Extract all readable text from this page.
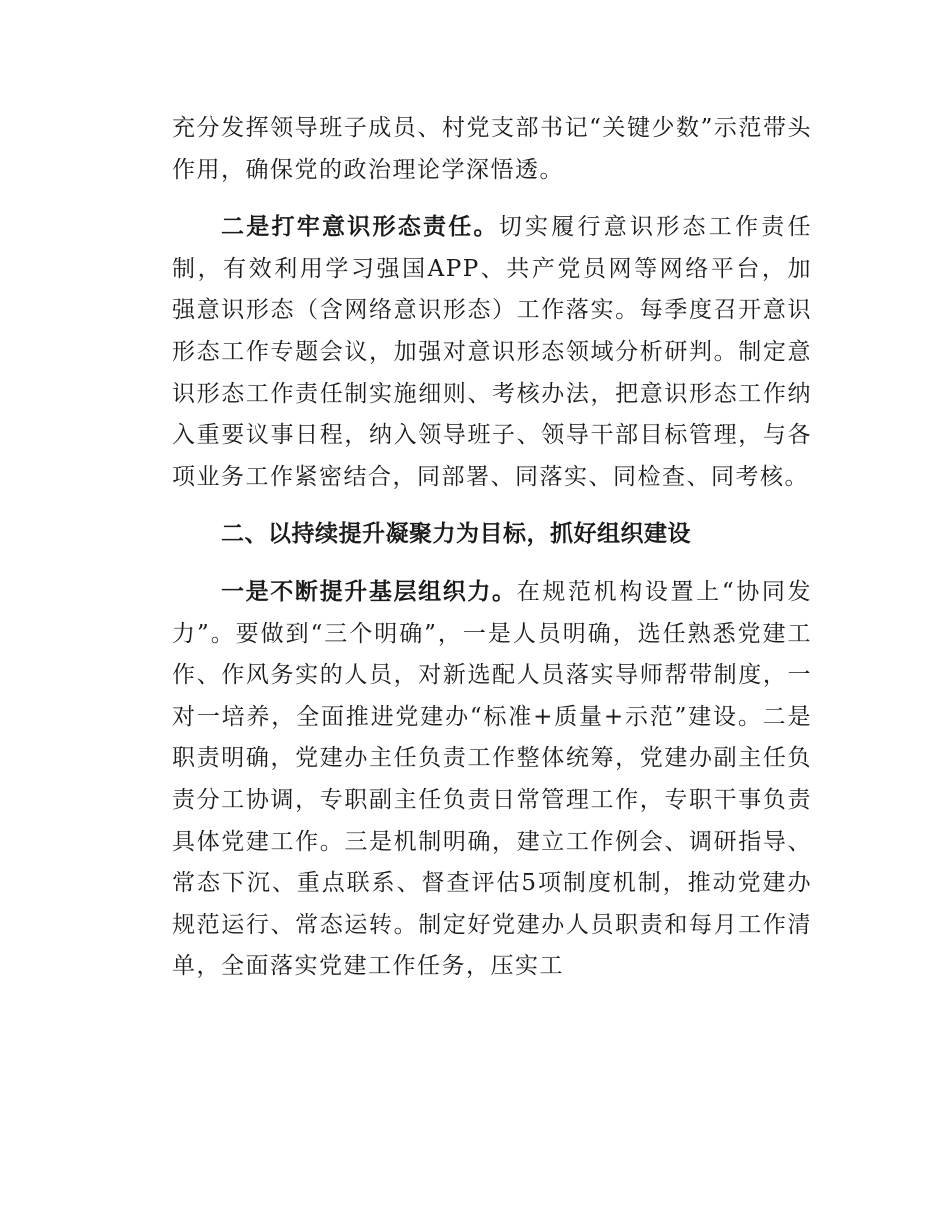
充分发挥领导班子成员、村党支部书记“关键少数”示范带头作用，确保党的政治理论学深悟透。

二是打牢意识形态责任。切实履行意识形态工作责任制，有效利用学习强国APP、共产党员网等网络平台，加强意识形态（含网络意识形态）工作落实。每季度召开意识形态工作专题会议，加强对意识形态领域分析研判。制定意识形态工作责任制实施细则、考核办法，把意识形态工作纳入重要议事日程，纳入领导班子、领导干部目标管理，与各项业务工作紧密结合，同部署、同落实、同检查、同考核。

二、以持续提升凝聚力为目标，抓好组织建设

一是不断提升基层组织力。在规范机构设置上“协同发力”。要做到“三个明确”，一是人员明确，选任熟悉党建工作、作风务实的人员，对新选配人员落实导师帮带制度，一对一培养，全面推进党建办“标准+质量+示范”建设。二是职责明确，党建办主任负责工作整体统筹，党建办副主任负责分工协调，专职副主任负责日常管理工作，专职干事负责具体党建工作。三是机制明确，建立工作例会、调研指导、常态下沉、重点联系、督查评估5项制度机制，推动党建办规范运行、常态运转。制定好党建办人员职责和每月工作清单，全面落实党建工作任务，压实工
